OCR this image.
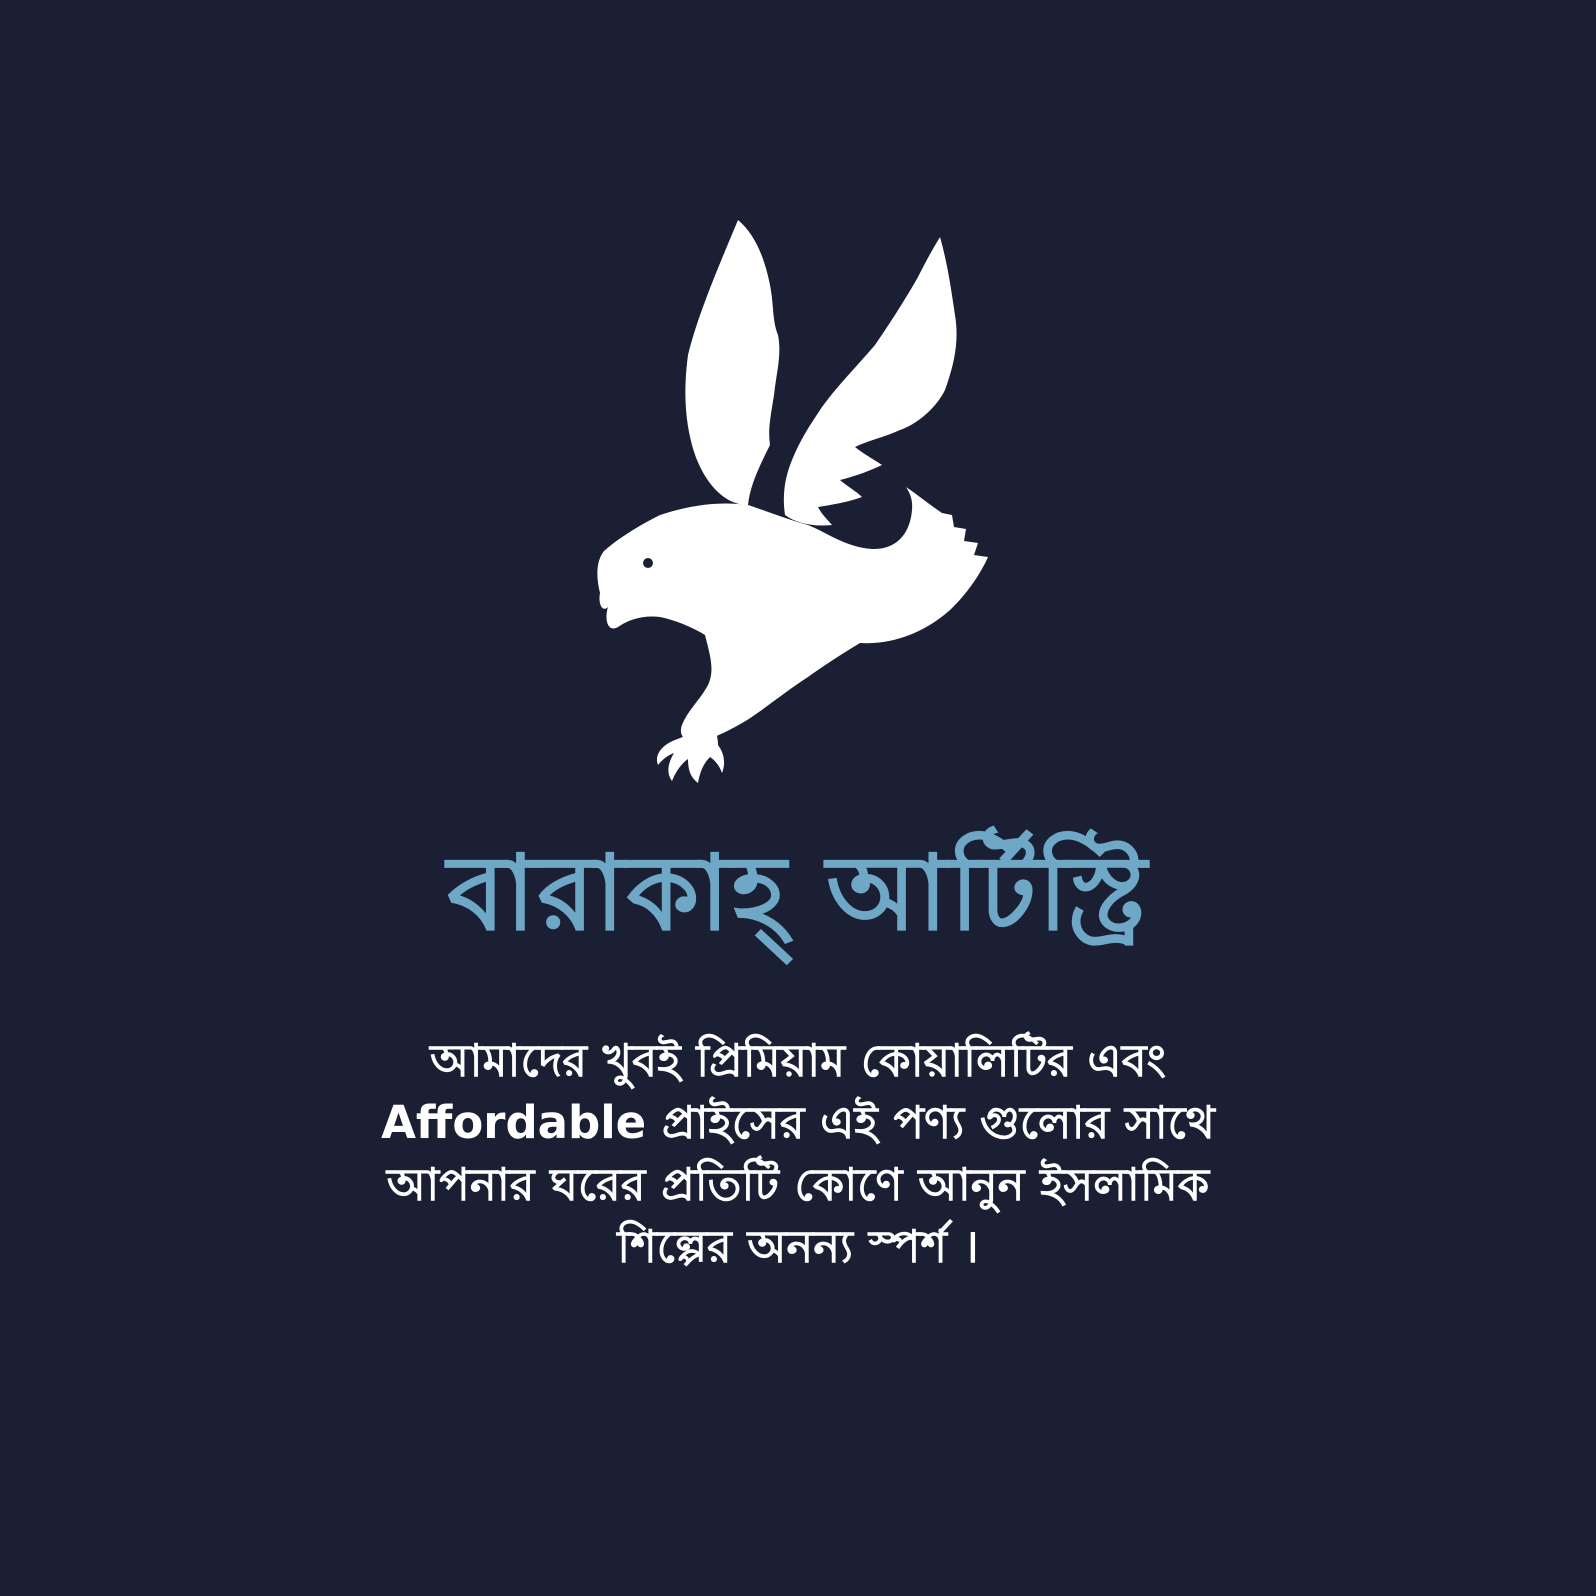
বারাকাহ্ আর্টিস্ট্রি
আমাদের খুবই প্রিমিয়াম কোয়ালিটির এবং
Affordable প্রাইসের এই পণ্য গুলোর সাথে
আপনার ঘরের প্রতিটি কোণে আনুন ইসলামিক
শিল্পের অনন্য স্পর্শ ।
